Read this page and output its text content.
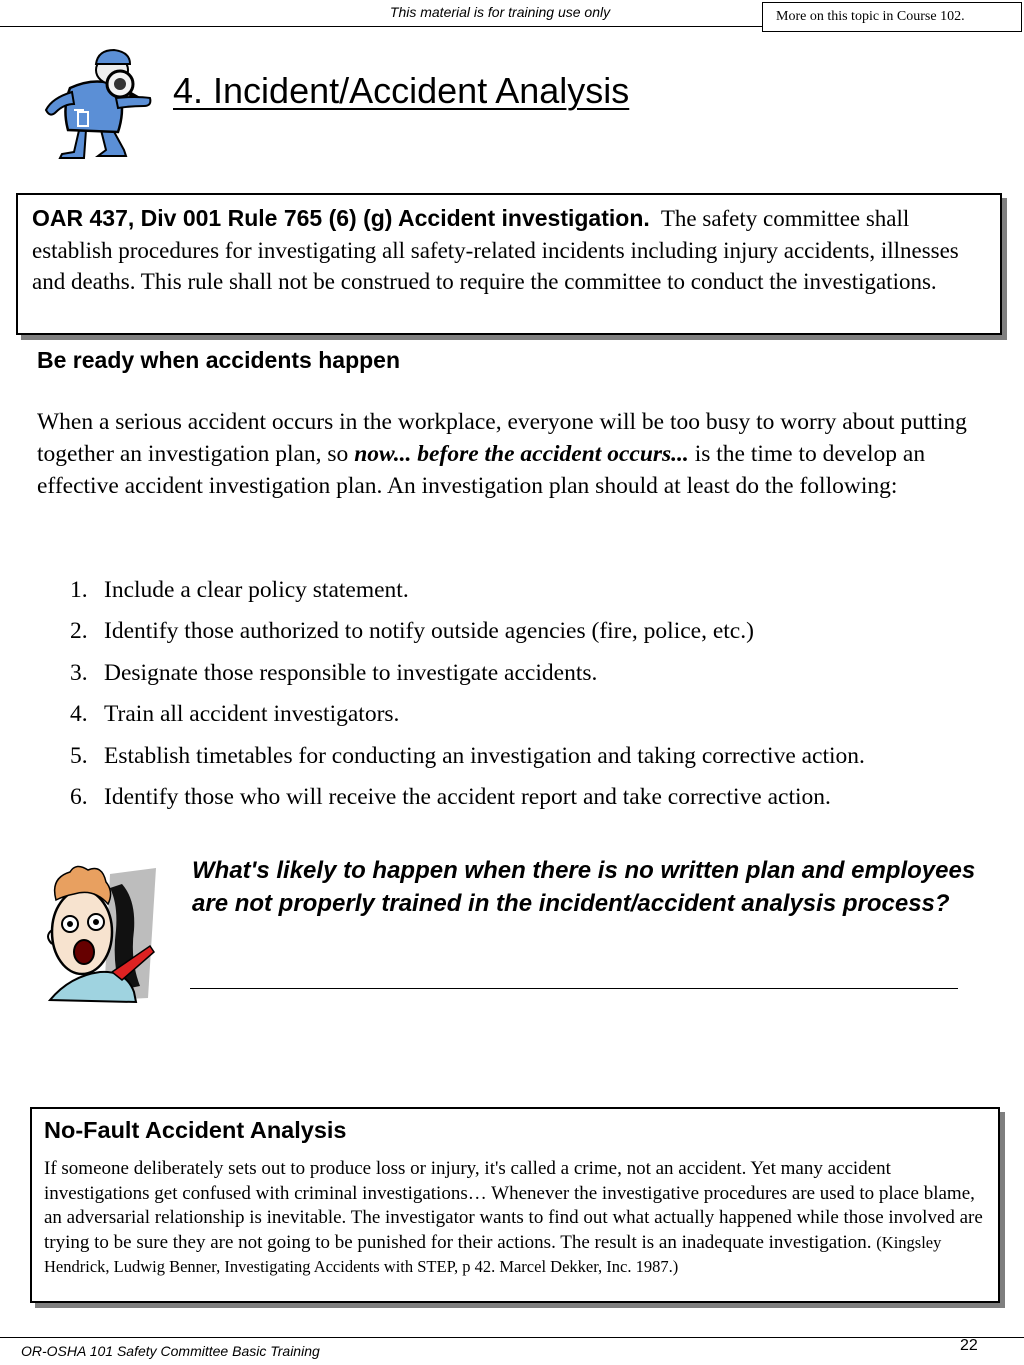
This material is for training use only	More on this topic in Course 102.
4. Incident/Accident Analysis
OAR 437, Div 001 Rule 765 (6) (g) Accident investigation. The safety committee shall establish procedures for investigating all safety-related incidents including injury accidents, illnesses and deaths. This rule shall not be construed to require the committee to conduct the investigations.
Be ready when accidents happen

When a serious accident occurs in the workplace, everyone will be too busy to worry about putting together an investigation plan, so now... before the accident occurs... is the time to develop an effective accident investigation plan. An investigation plan should at least do the following:

1. Include a clear policy statement.
2. Identify those authorized to notify outside agencies (fire, police, etc.)
3. Designate those responsible to investigate accidents.
4. Train all accident investigators.
5. Establish timetables for conducting an investigation and taking corrective action.
6. Identify those who will receive the accident report and take corrective action.

What's likely to happen when there is no written plan and employees are not properly trained in the incident/accident analysis process?

No-Fault Accident Analysis

If someone deliberately sets out to produce loss or injury, it's called a crime, not an accident. Yet many accident investigations get confused with criminal investigations… Whenever the investigative procedures are used to place blame, an adversarial relationship is inevitable. The investigator wants to find out what actually happened while those involved are trying to be sure they are not going to be punished for their actions. The result is an inadequate investigation. (Kingsley Hendrick, Ludwig Benner, Investigating Accidents with STEP, p 42. Marcel Dekker, Inc. 1987.)

OR-OSHA 101 Safety Committee Basic Training	22
